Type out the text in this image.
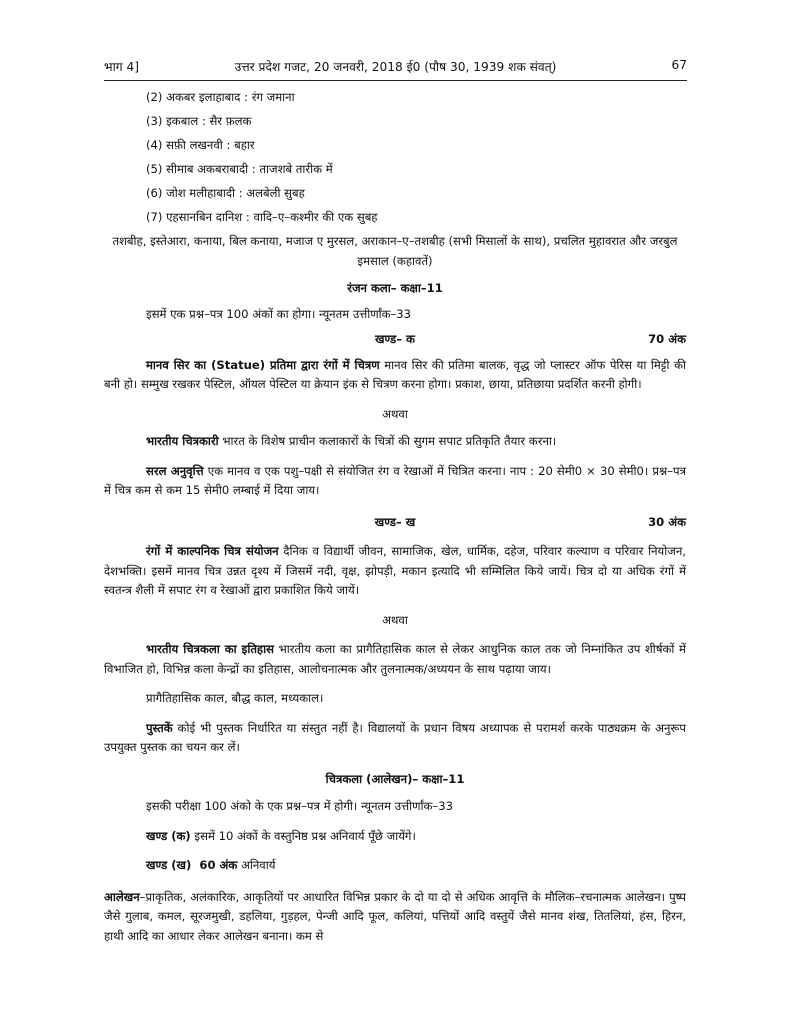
भाग 4]	उत्तर प्रदेश गजट, 20 जनवरी, 2018 ई0 (पौष 30, 1939 शक संवत्)	67

(2) अकबर इलाहाबाद : रंग जमाना

(3) इकबाल : सैर फ़लक

(4) सफ़ी लखनवी : बहार

(5) सीमाब अकबराबादी : ताजशबे तारीक में

(6) जोश मलीहाबादी : अलबेली सुबह

(7) एहसानबिन दानिश : वादि–ए–कश्मीर की एक सुबह

तशबीह, इस्तेआरा, कनाया, बिल कनाया, मजाज ए मुरसल, अराकान–ए–तशबीह (सभी मिसालों के साथ), प्रचलित मुहावरात और जरबुल इमसाल (कहावतें)

रंजन कला– कक्षा–11

इसमें एक प्रश्न–पत्र 100 अंकों का होगा। न्यूनतम उत्तीर्णांक–33

खण्ड– क	70 अंक

मानव सिर का (Statue) प्रतिमा द्वारा रंगों में चित्रण मानव सिर की प्रतिमा बालक, वृद्ध जो प्लास्टर ऑफ पेरिस या मिट्टी की बनी हो। सम्मुख रखकर पेस्टिल, ऑयल पेस्टिल या क्रेयान इंक से चित्रण करना होगा। प्रकाश, छाया, प्रतिछाया प्रदर्शित करनी होगी।

अथवा

भारतीय चित्रकारी भारत के विशेष प्राचीन कलाकारों के चित्रों की सुगम सपाट प्रतिकृति तैयार करना।

सरल अनुवृत्ति एक मानव व एक पशु–पक्षी से संयोजित रंग व रेखाओं में चित्रित करना। नाप : 20 सेमी0 × 30 सेमी0। प्रश्न–पत्र में चित्र कम से कम 15 सेमी0 लम्बाई में दिया जाय।

खण्ड– ख	30 अंक

रंगों में काल्पनिक चित्र संयोजन दैनिक व विद्यार्थी जीवन, सामाजिक, खेल, धार्मिक, दहेज, परिवार कल्याण व परिवार नियोजन, देशभक्ति। इसमें मानव चित्र उन्नत दृश्य में जिसमें नदी, वृक्ष, झोपड़ी, मकान इत्यादि भी सम्मिलित किये जायें। चित्र दो या अधिक रंगों में स्वतन्त्र शैली में सपाट रंग व रेखाओं द्वारा प्रकाशित किये जायें।

अथवा

भारतीय चित्रकला का इतिहास भारतीय कला का प्रागैतिहासिक काल से लेकर आधुनिक काल तक जो निम्नांकित उप शीर्षकों में विभाजित हो, विभिन्न कला केन्द्रों का इतिहास, आलोचनात्मक और तुलनात्मक/अध्ययन के साथ पढ़ाया जाय।

प्रागैतिहासिक काल, बौद्ध काल, मध्यकाल।

पुस्तकें कोई भी पुस्तक निर्धारित या संस्तुत नहीं है। विद्यालयों के प्रधान विषय अध्यापक से परामर्श करके पाठ्यक्रम के अनुरूप उपयुक्त पुस्तक का चयन कर लें।

चित्रकला (आलेखन)– कक्षा–11

इसकी परीक्षा 100 अंको के एक प्रश्न–पत्र में होगी। न्यूनतम उत्तीर्णांक–33

खण्ड (क) इसमें 10 अंकों के वस्तुनिष्ठ प्रश्न अनिवार्य पूँछे जायेंगे।

खण्ड (ख)  60 अंक अनिवार्य

आलेखन–प्राकृतिक, अलंकारिक, आकृतियों पर आधारित विभिन्न प्रकार के दो या दो से अधिक आवृत्ति के मौलिक–रचनात्मक आलेखन। पुष्प जैसे गुलाब, कमल, सूरजमुखी, डहलिया, गुड़हल, पेन्जी आदि फूल, कलियां, पत्तियों आदि वस्तुयें जैसे मानव शंख, तितलियां, हंस, हिरन, हाथी आदि का आधार लेकर आलेखन बनाना। कम से
